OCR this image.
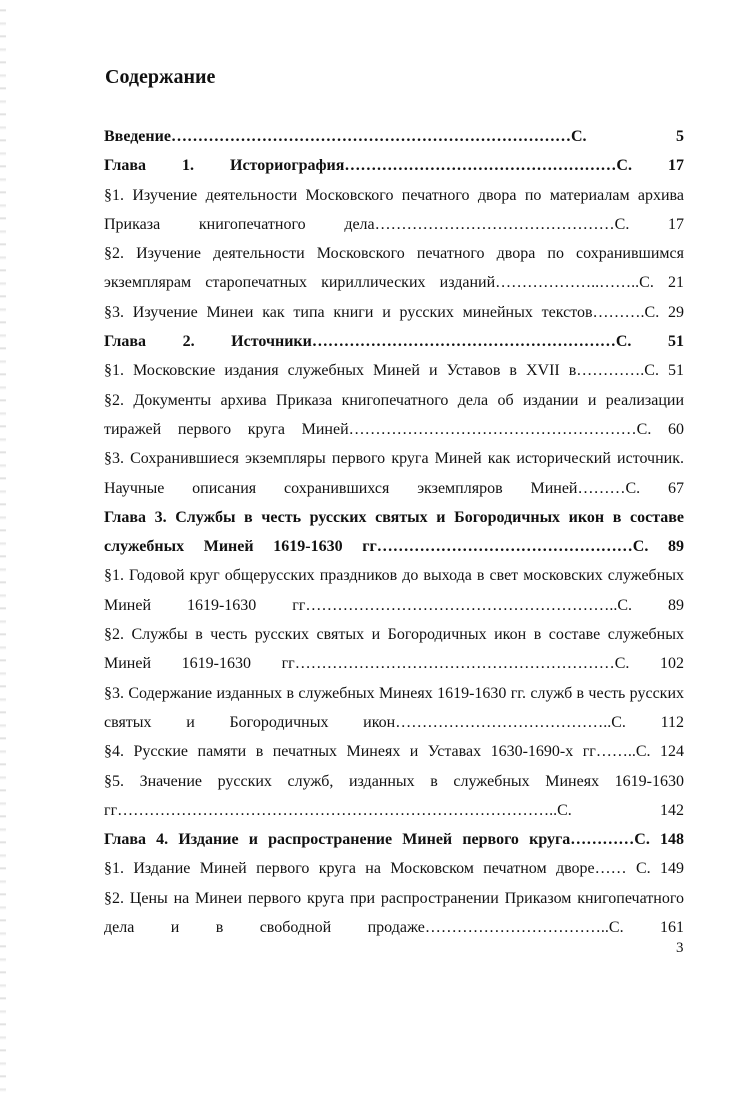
Содержание
Введение…………………………………………………………………С. 5
Глава 1. Историография……………………………………………С. 17
§1. Изучение деятельности Московского печатного двора по материалам архива Приказа книгопечатного дела………………………………………С. 17
§2. Изучение деятельности Московского печатного двора по сохранившимся экземплярам старопечатных кириллических изданий………………..……..С. 21
§3. Изучение Минеи как типа книги и русских минейных текстов……….С. 29
Глава 2. Источники…………………………………………………С. 51
§1. Московские издания служебных Миней и Уставов в XVII в………….С. 51
§2. Документы архива Приказа книгопечатного дела об издании и реализации тиражей первого круга Миней………………………………………………С. 60
§3. Сохранившиеся экземпляры первого круга Миней как исторический источник. Научные описания сохранившихся экземпляров Миней………С. 67
Глава 3. Службы в честь русских святых и Богородичных икон в составе служебных Миней 1619-1630 гг…………………………………………С. 89
§1. Годовой круг общерусских праздников до выхода в свет московских служебных Миней 1619-1630 гг…………………………………………………..С. 89
§2. Службы в честь русских святых и Богородичных икон в составе служебных Миней 1619-1630 гг……………………………………………………С. 102
§3. Содержание изданных в служебных Минеях 1619-1630 гг. служб в честь русских святых и Богородичных икон…………………………………..С. 112
§4. Русские памяти в печатных Минеях и Уставах 1630-1690-х гг……..С. 124
§5. Значение русских служб, изданных в служебных Минеях 1619-1630 гг………………………………………………………………………..С. 142
Глава 4. Издание и распространение Миней первого круга…………С. 148
§1. Издание Миней первого круга на Московском печатном дворе…… С. 149
§2. Цены на Минеи первого круга при распространении Приказом книгопечатного дела и в свободной продаже……………………………..С. 161
3
